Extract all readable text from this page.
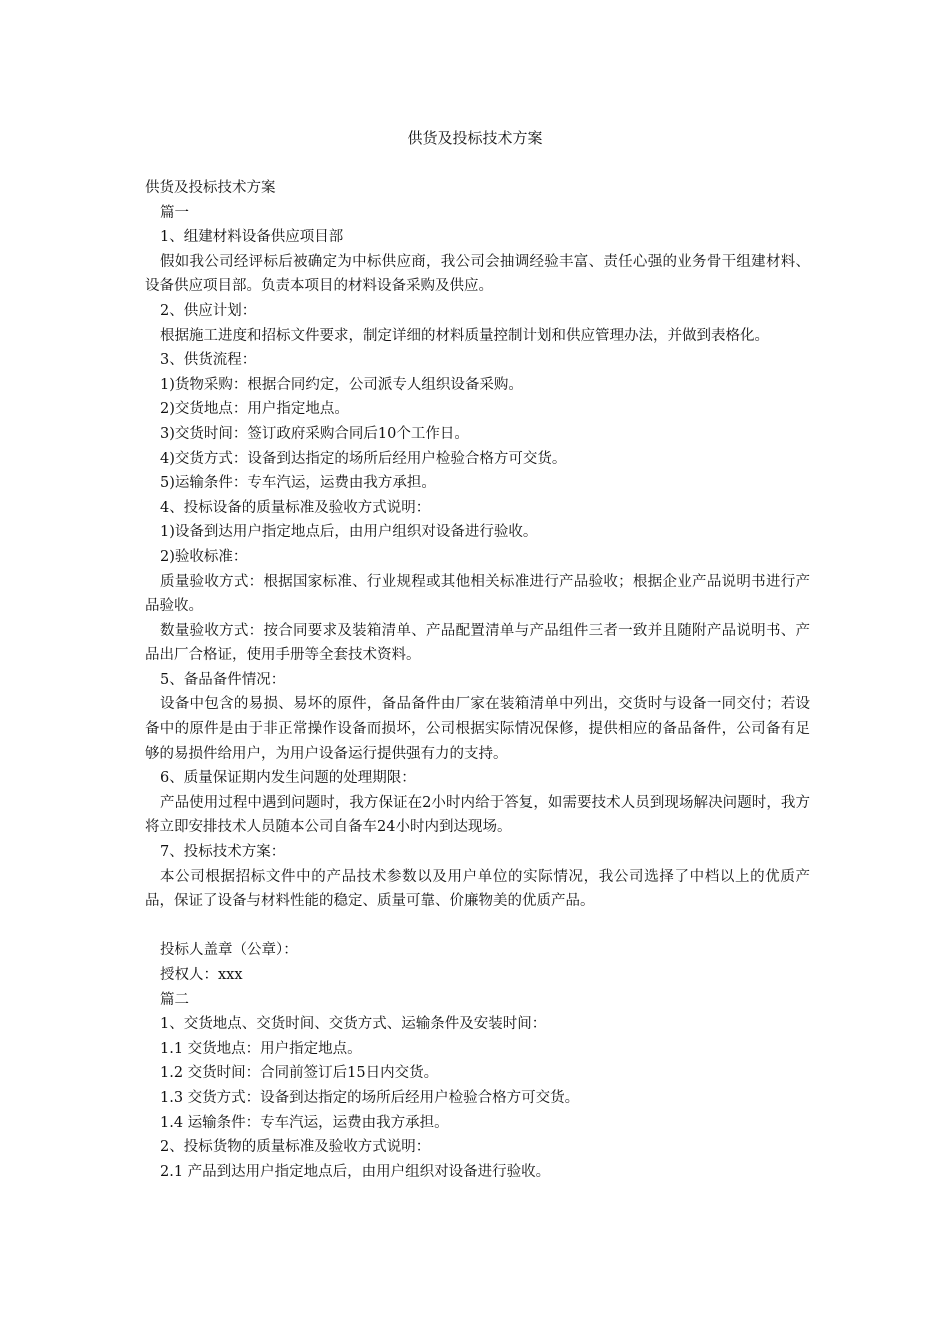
供货及投标技术方案
供货及投标技术方案
篇一
1、组建材料设备供应项目部
假如我公司经评标后被确定为中标供应商，我公司会抽调经验丰富、责任心强的业务骨干组建材料、设备供应项目部。负责本项目的材料设备采购及供应。
2、供应计划：
根据施工进度和招标文件要求，制定详细的材料质量控制计划和供应管理办法，并做到表格化。
3、供货流程：
1)货物采购：根据合同约定，公司派专人组织设备采购。
2)交货地点：用户指定地点。
3)交货时间：签订政府采购合同后10个工作日。
4)交货方式：设备到达指定的场所后经用户检验合格方可交货。
5)运输条件：专车汽运，运费由我方承担。
4、投标设备的质量标准及验收方式说明：
1)设备到达用户指定地点后，由用户组织对设备进行验收。
2)验收标准：
质量验收方式：根据国家标准、行业规程或其他相关标准进行产品验收；根据企业产品说明书进行产品验收。
数量验收方式：按合同要求及装箱清单、产品配置清单与产品组件三者一致并且随附产品说明书、产品出厂合格证，使用手册等全套技术资料。
5、备品备件情况：
设备中包含的易损、易坏的原件，备品备件由厂家在装箱清单中列出，交货时与设备一同交付；若设备中的原件是由于非正常操作设备而损坏，公司根据实际情况保修，提供相应的备品备件，公司备有足够的易损件给用户，为用户设备运行提供强有力的支持。
6、质量保证期内发生问题的处理期限：
产品使用过程中遇到问题时，我方保证在2小时内给于答复，如需要技术人员到现场解决问题时，我方将立即安排技术人员随本公司自备车24小时内到达现场。
7、投标技术方案：
本公司根据招标文件中的产品技术参数以及用户单位的实际情况，我公司选择了中档以上的优质产品，保证了设备与材料性能的稳定、质量可靠、价廉物美的优质产品。
投标人盖章（公章）：
授权人：xxx
篇二
1、交货地点、交货时间、交货方式、运输条件及安装时间：
1.1 交货地点：用户指定地点。
1.2 交货时间：合同前签订后15日内交货。
1.3 交货方式：设备到达指定的场所后经用户检验合格方可交货。
1.4 运输条件：专车汽运，运费由我方承担。
2、投标货物的质量标准及验收方式说明：
2.1 产品到达用户指定地点后，由用户组织对设备进行验收。
